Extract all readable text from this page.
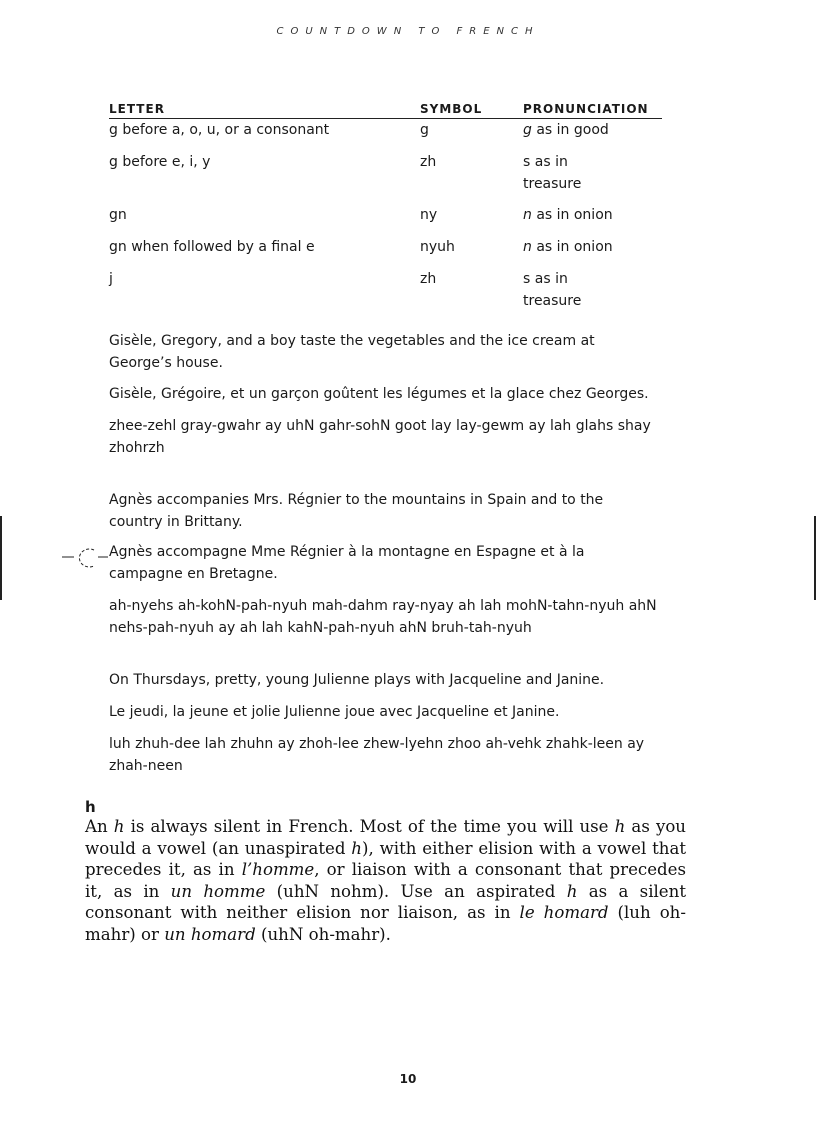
COUNTDOWN TO FRENCH
LETTER	SYMBOL	PRONUNCIATION
g before a, o, u, or a consonant	g	g as in good
g before e, i, y	zh	s as in treasure
gn	ny	n as in onion
gn when followed by a final e	nyuh	n as in onion
j	zh	s as in treasure
Gisèle, Gregory, and a boy taste the vegetables and the ice cream at George’s house.
Gisèle, Grégoire, et un garçon goûtent les légumes et la glace chez Georges.
zhee-zehl gray-gwahr ay uhN gahr-sohN goot lay lay-gewm ay lah glahs shay zhohrzh
Agnès accompanies Mrs. Régnier to the mountains in Spain and to the country in Brittany.
Agnès accompagne Mme Régnier à la montagne en Espagne et à la campagne en Bretagne.
ah-nyehs ah-kohN-pah-nyuh mah-dahm ray-nyay ah lah mohN-tahn-nyuh ahN nehs-pah-nyuh ay ah lah kahN-pah-nyuh ahN bruh-tah-nyuh
On Thursdays, pretty, young Julienne plays with Jacqueline and Janine.
Le jeudi, la jeune et jolie Julienne joue avec Jacqueline et Janine.
luh zhuh-dee lah zhuhn ay zhoh-lee zhew-lyehn zhoo ah-vehk zhahk-leen ay zhah-neen
h
An h is always silent in French. Most of the time you will use h as you would a vowel (an unaspirated h), with either elision with a vowel that precedes it, as in l’homme, or liaison with a consonant that precedes it, as in un homme (uhN nohm). Use an aspirated h as a silent consonant with neither elision nor liaison, as in le homard (luh oh-mahr) or un homard (uhN oh-mahr).
10
